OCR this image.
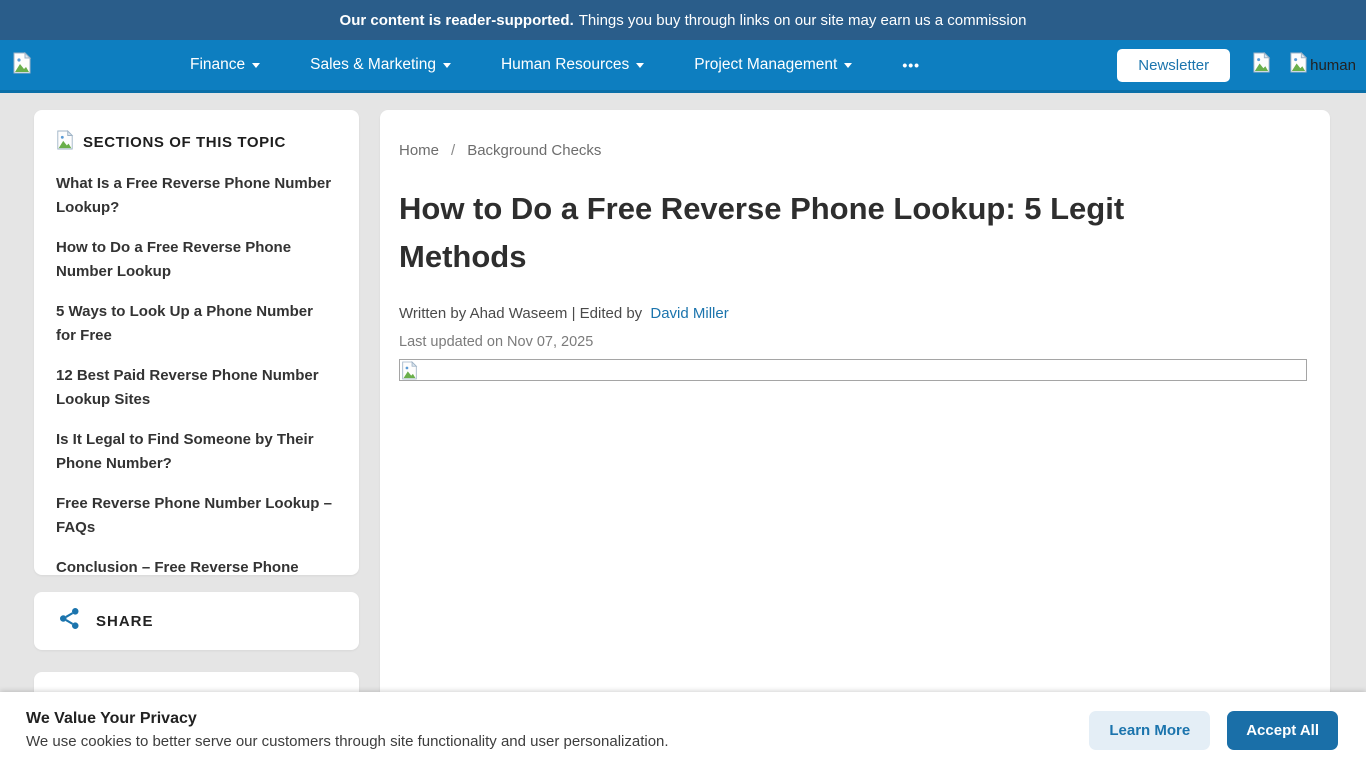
Our content is reader-supported. Things you buy through links on our site may earn us a commission
Finance	Sales & Marketing	Human Resources	Project Management	•••	Newsletter	human
SECTIONS OF THIS TOPIC
What Is a Free Reverse Phone Number Lookup?
How to Do a Free Reverse Phone Number Lookup
5 Ways to Look Up a Phone Number for Free
12 Best Paid Reverse Phone Number Lookup Sites
Is It Legal to Find Someone by Their Phone Number?
Free Reverse Phone Number Lookup – FAQs
Conclusion – Free Reverse Phone
SHARE
Home / Background Checks
How to Do a Free Reverse Phone Lookup: 5 Legit Methods
Written by Ahad Waseem | Edited by David Miller
Last updated on Nov 07, 2025
We Value Your Privacy
We use cookies to better serve our customers through site functionality and user personalization.
Learn More	Accept All
